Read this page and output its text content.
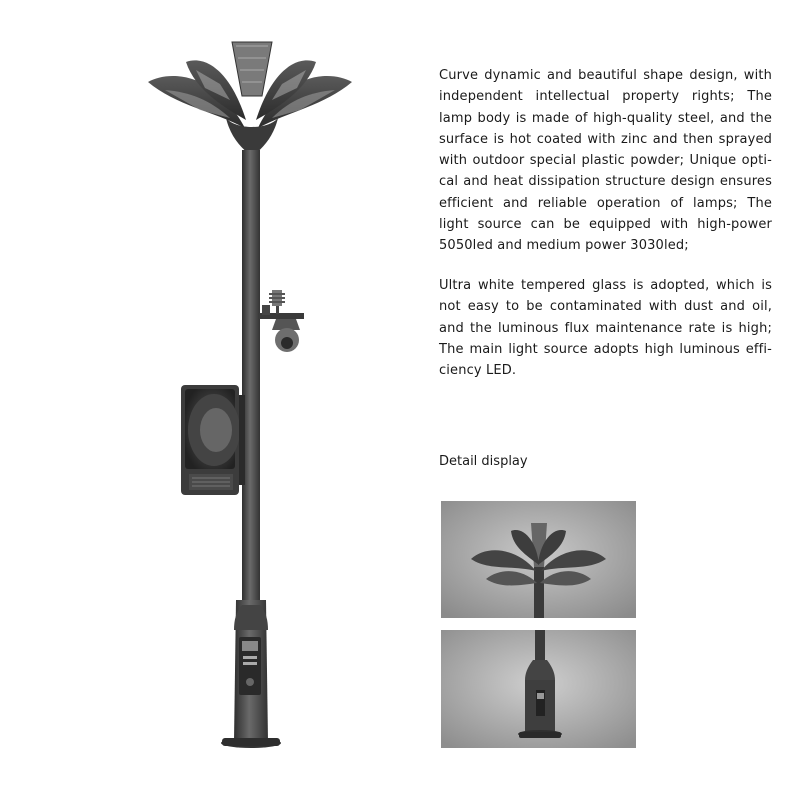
Curve dynamic and beautiful shape design, with independent intellectual property rights; The lamp body is made of high-quality steel, and the surface is hot coated with zinc and then sprayed with outdoor special plastic powder; Unique opti-cal and heat dissipation structure design ensures efficient and reliable operation of lamps; The light source can be equipped with high-power 5050led and medium power 3030led;

Ultra white tempered glass is adopted, which is not easy to be contaminated with dust and oil, and the luminous flux maintenance rate is high; The main light source adopts high luminous effi-ciency LED.

Detail display
